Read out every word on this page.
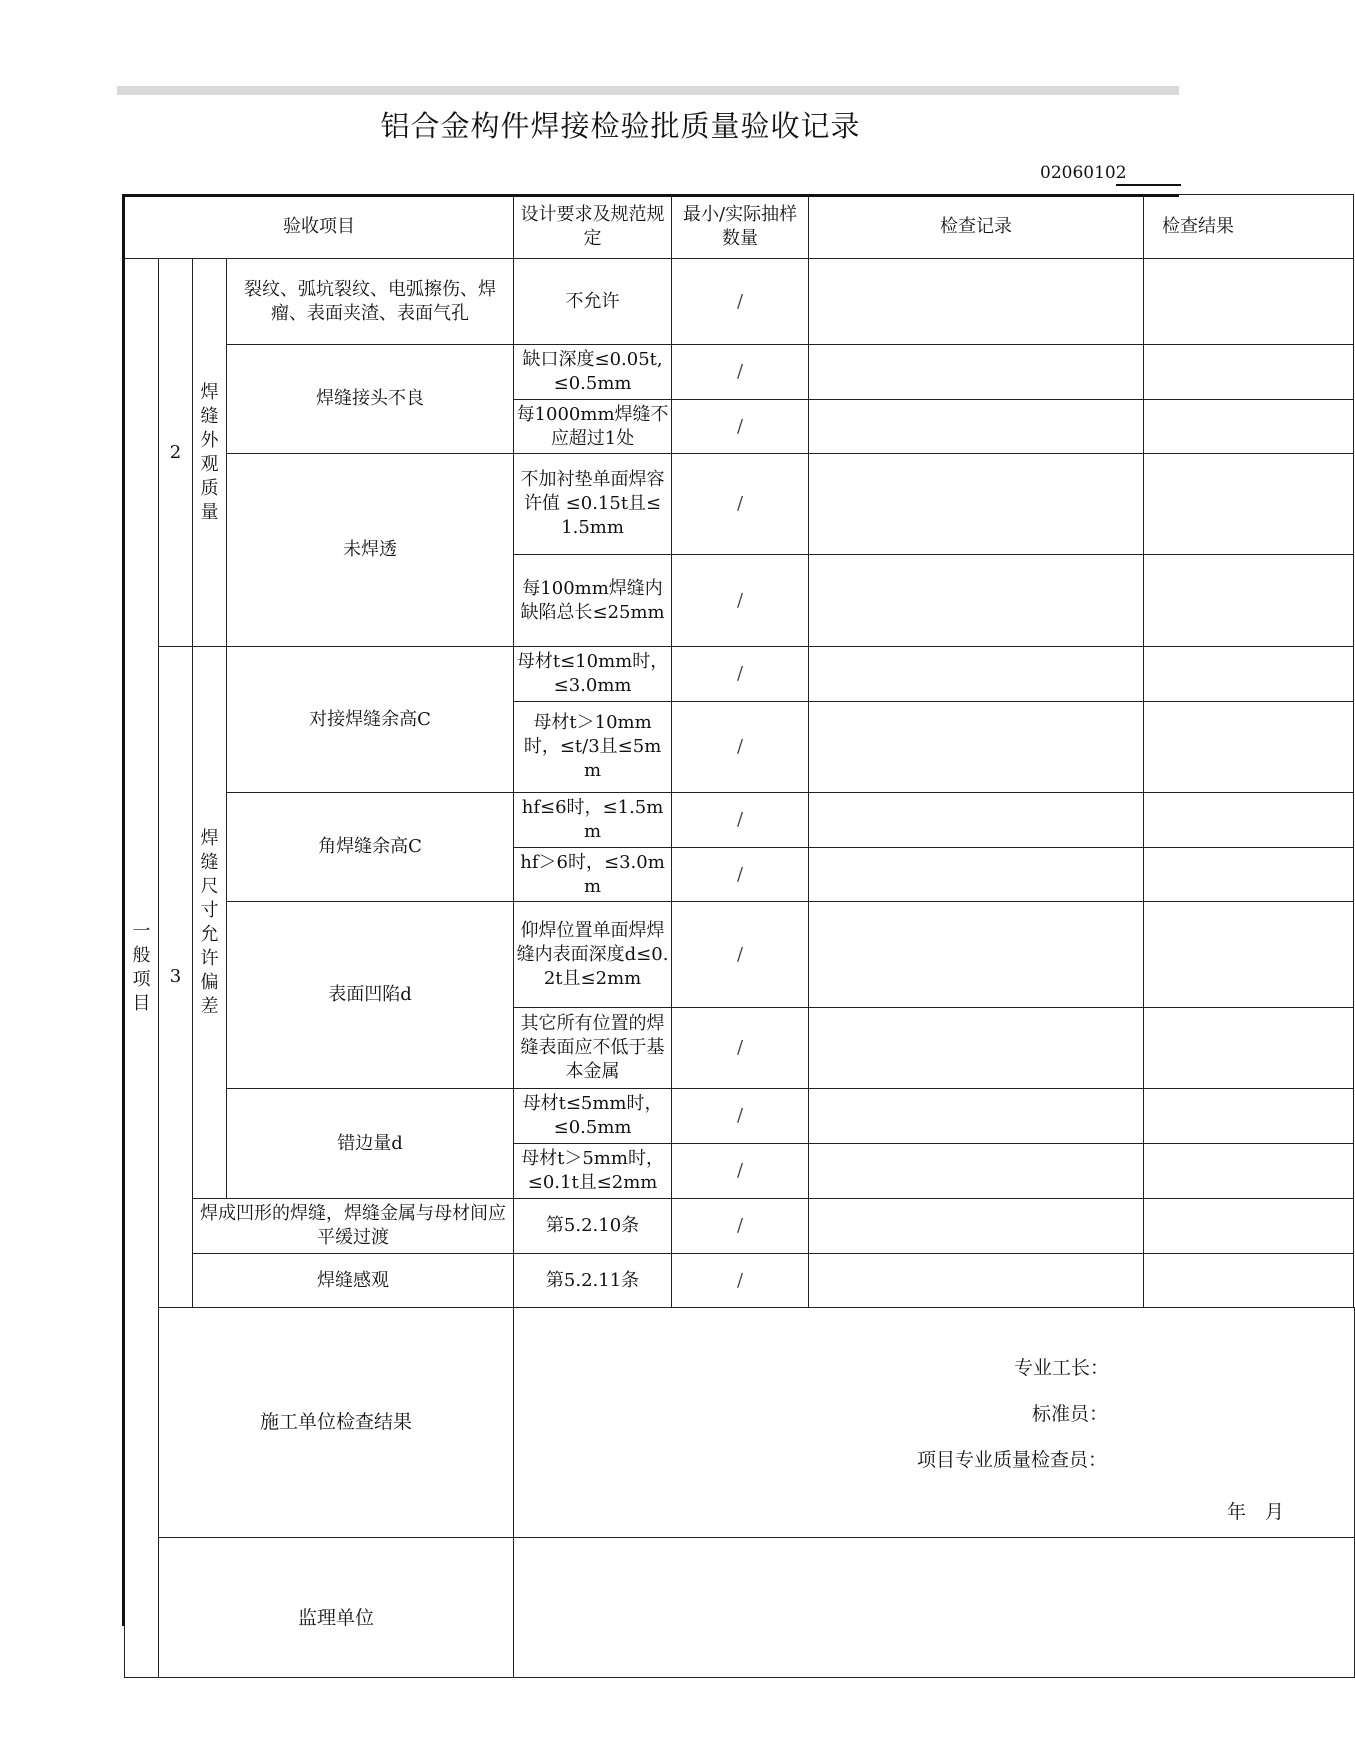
铝合金构件焊接检验批质量验收记录
02060102
验收项目				设计要求及规范规定	最小/实际抽样数量	检查记录	检查结果
一般项目	2	焊缝外观质量	裂纹、弧坑裂纹、电弧擦伤、焊瘤、表面夹渣、表面气孔	不允许	/		
			焊缝接头不良	缺口深度≤0.05t,≤0.5mm	/		
				每1000mm焊缝不应超过1处	/		
			未焊透	不加衬垫单面焊容许值 ≤0.15t且≤1.5mm	/		
				每100mm焊缝内缺陷总长≤25mm	/		
	3	焊缝尺寸允许偏差	对接焊缝余高C	母材t≤10mm时，≤3.0mm	/		
				母材t＞10mm时，≤t/3且≤5mm	/		
			角焊缝余高C	hf≤6时，≤1.5mm	/		
				hf＞6时，≤3.0mm	/		
			表面凹陷d	仰焊位置单面焊焊缝内表面深度d≤0.2t且≤2mm	/		
				其它所有位置的焊缝表面应不低于基本金属	/		
			错边量d	母材t≤5mm时，≤0.5mm	/		
				母材t＞5mm时，≤0.1t且≤2mm	/		
		焊成凹形的焊缝，焊缝金属与母材间应平缓过渡		第5.2.10条	/		
		焊缝感观		第5.2.11条	/		
	施工单位检查结果			专业工长：
标准员：
项目专业质量检查员：
年　月			

	监理单位						
